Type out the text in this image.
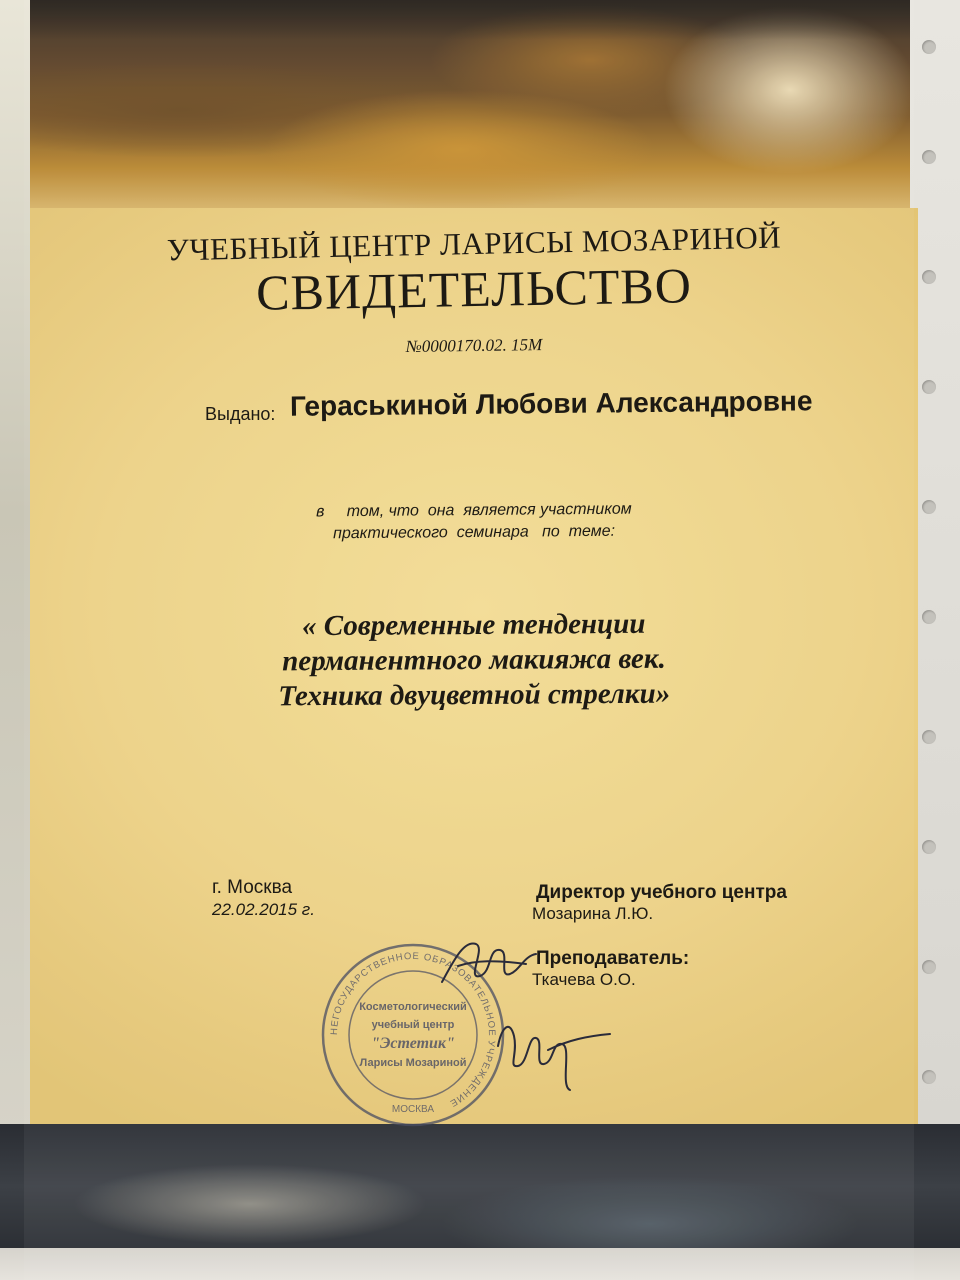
УЧЕБНЫЙ ЦЕНТР ЛАРИСЫ МОЗАРИНОЙ
СВИДЕТЕЛЬСТВО
№0000170.02. 15М
Выдано: Гераськиной Любови Александровне
в     том, что  она  является участником
практического  семинара   по  теме:
« Современные тенденции
перманентного макияжа век.
Техника двуцветной стрелки»
г. Москва
22.02.2015 г.
Директор учебного центра
Мозарина Л.Ю.
Преподаватель:
Ткачева О.О.
НЕГОСУДАРСТВЕННОЕ ОБРАЗОВАТЕЛЬНОЕ УЧРЕЖДЕНИЕ
Косметологический
учебный центр
"Эстетик"
Ларисы Мозариной
МОСКВА
